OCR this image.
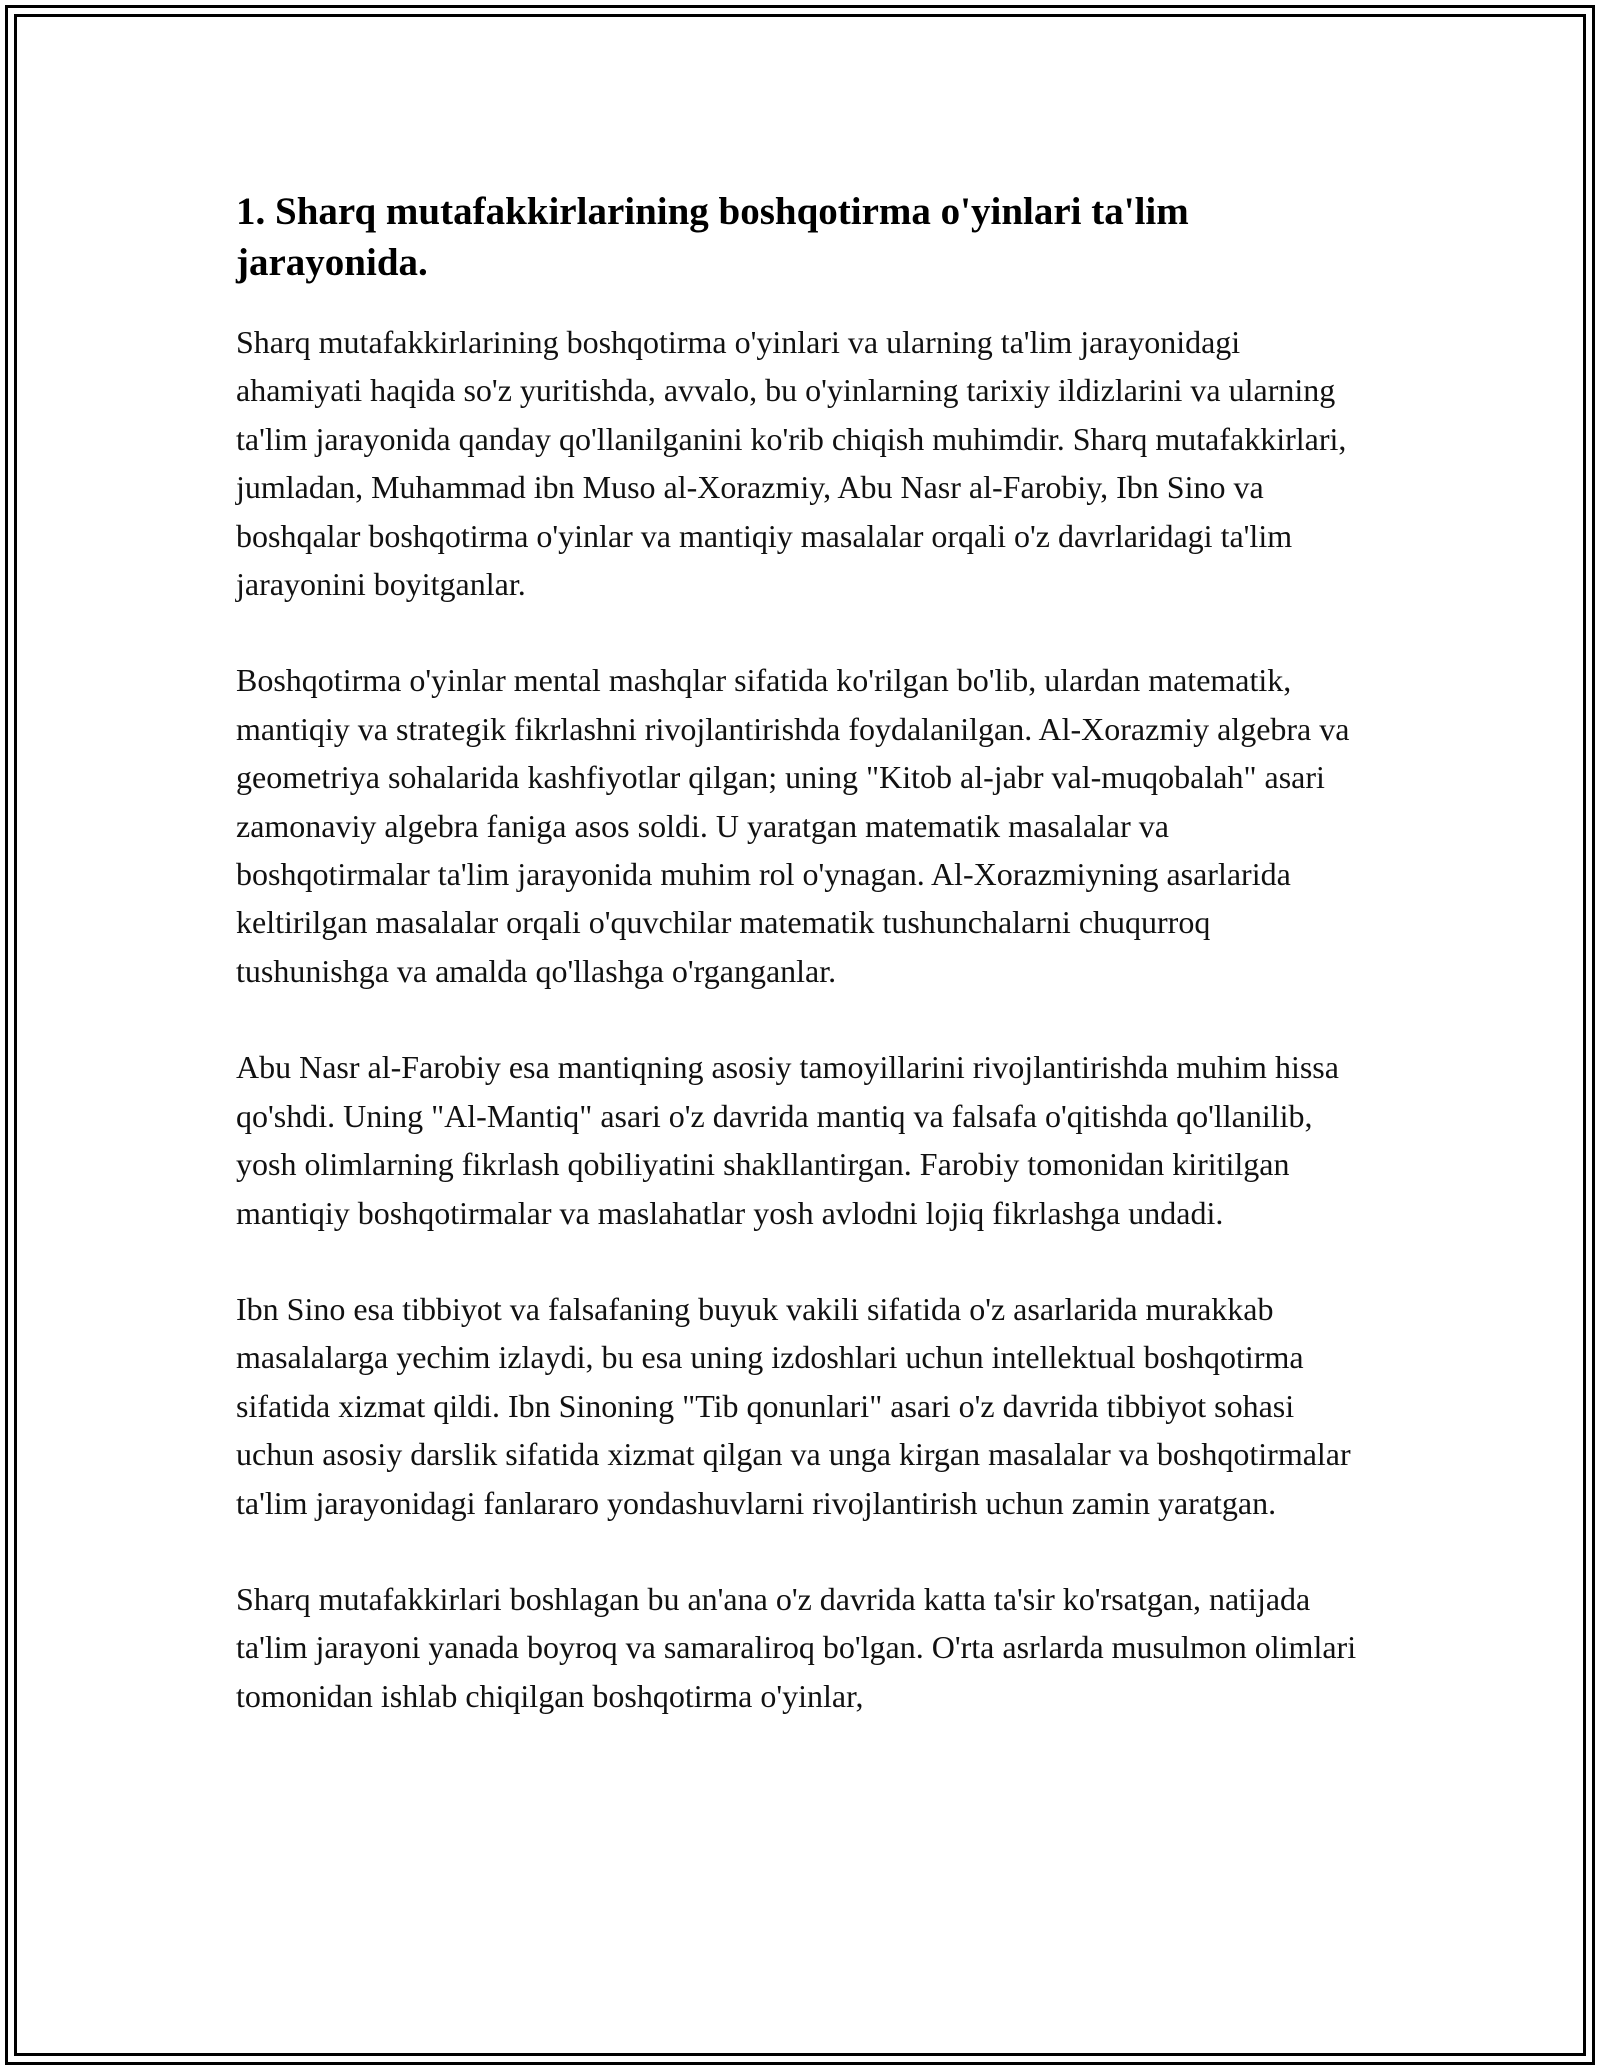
1. Sharq mutafakkirlarining boshqotirma o'yinlari ta'lim jarayonida.

Sharq mutafakkirlarining boshqotirma o'yinlari va ularning ta'lim jarayonidagi ahamiyati haqida so'z yuritishda, avvalo, bu o'yinlarning tarixiy ildizlarini va ularning ta'lim jarayonida qanday qo'llanilganini ko'rib chiqish muhimdir. Sharq mutafakkirlari, jumladan, Muhammad ibn Muso al-Xorazmiy, Abu Nasr al-Farobiy, Ibn Sino va boshqalar boshqotirma o'yinlar va mantiqiy masalalar orqali o'z davrlaridagi ta'lim jarayonini boyitganlar.

Boshqotirma o'yinlar mental mashqlar sifatida ko'rilgan bo'lib, ulardan matematik, mantiqiy va strategik fikrlashni rivojlantirishda foydalanilgan. Al-Xorazmiy algebra va geometriya sohalarida kashfiyotlar qilgan; uning "Kitob al-jabr val-muqobalah" asari zamonaviy algebra faniga asos soldi. U yaratgan matematik masalalar va boshqotirmalar ta'lim jarayonida muhim rol o'ynagan. Al-Xorazmiyning asarlarida keltirilgan masalalar orqali o'quvchilar matematik tushunchalarni chuqurroq tushunishga va amalda qo'llashga o'rganganlar.

Abu Nasr al-Farobiy esa mantiqning asosiy tamoyillarini rivojlantirishda muhim hissa qo'shdi. Uning "Al-Mantiq" asari o'z davrida mantiq va falsafa o'qitishda qo'llanilib, yosh olimlarning fikrlash qobiliyatini shakllantirgan. Farobiy tomonidan kiritilgan mantiqiy boshqotirmalar va maslahatlar yosh avlodni lojiq fikrlashga undadi.

Ibn Sino esa tibbiyot va falsafaning buyuk vakili sifatida o'z asarlarida murakkab masalalarga yechim izlaydi, bu esa uning izdoshlari uchun intellektual boshqotirma sifatida xizmat qildi. Ibn Sinoning "Tib qonunlari" asari o'z davrida tibbiyot sohasi uchun asosiy darslik sifatida xizmat qilgan va unga kirgan masalalar va boshqotirmalar ta'lim jarayonidagi fanlararo yondashuvlarni rivojlantirish uchun zamin yaratgan.

Sharq mutafakkirlari boshlagan bu an'ana o'z davrida katta ta'sir ko'rsatgan, natijada ta'lim jarayoni yanada boyroq va samaraliroq bo'lgan. O'rta asrlarda musulmon olimlari tomonidan ishlab chiqilgan boshqotirma o'yinlar,
